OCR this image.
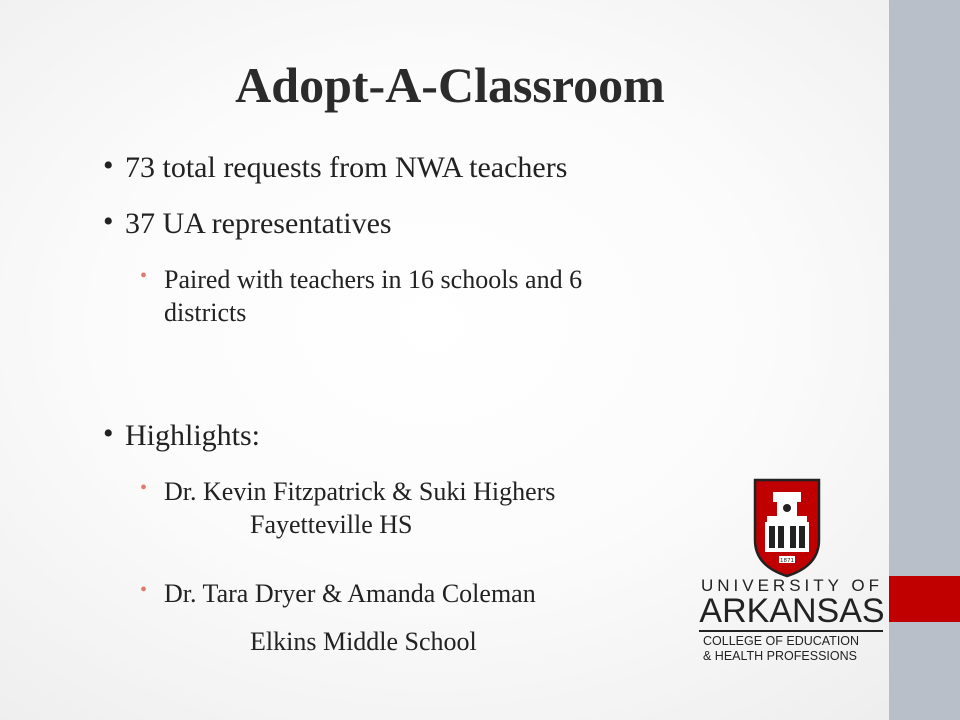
Adopt-A-Classroom
• 73 total requests from NWA teachers
• 37 UA representatives
• Paired with teachers in 16 schools and 6
districts
• Highlights:
• Dr. Kevin Fitzpatrick & Suki Highers
Fayetteville HS
• Dr. Tara Dryer & Amanda Coleman
Elkins Middle School
1871
UNIVERSITY OF
ARKANSAS
COLLEGE OF EDUCATION
& HEALTH PROFESSIONS
